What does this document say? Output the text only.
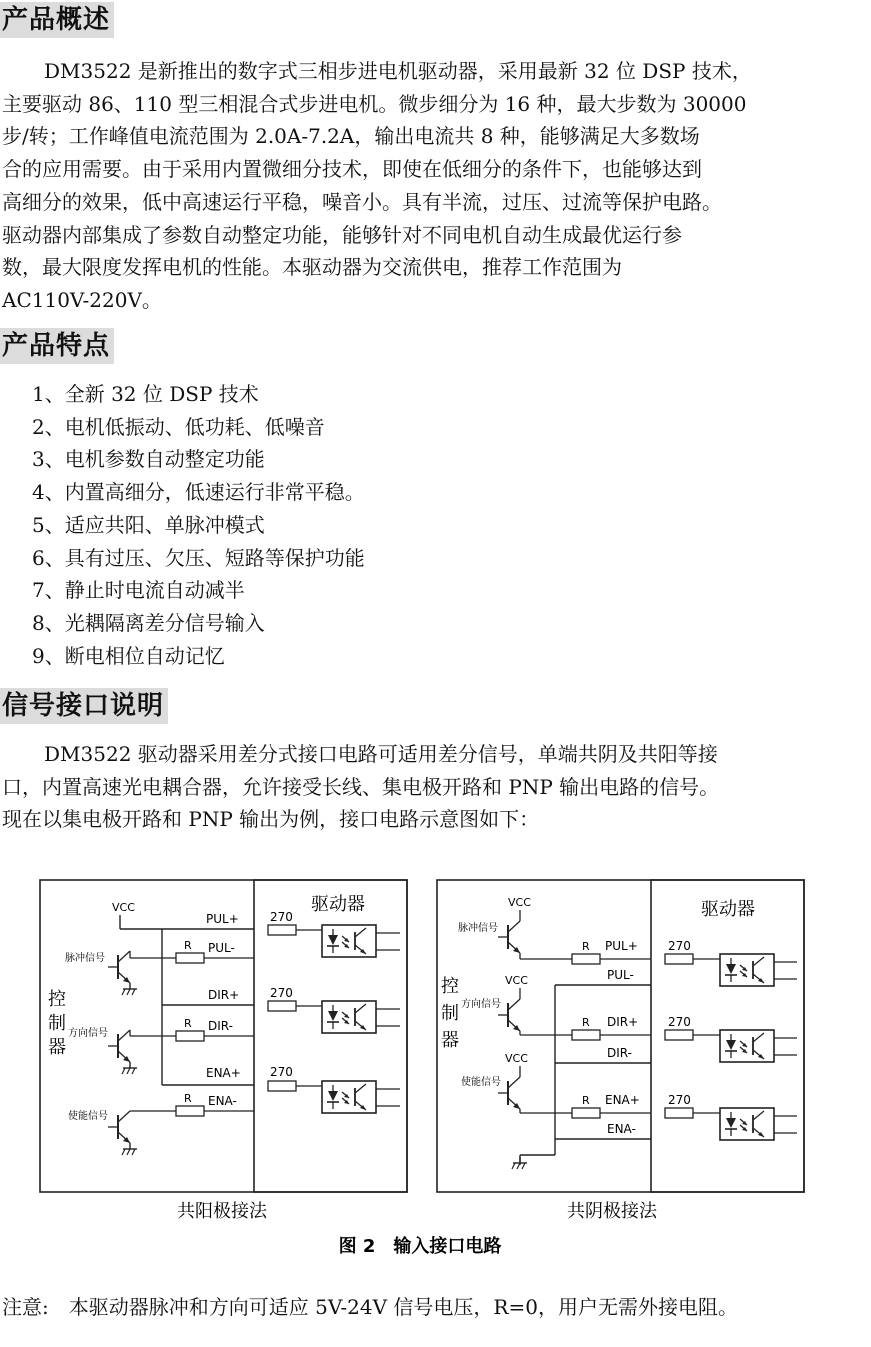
产品概述

DM3522 是新推出的数字式三相步进电机驱动器，采用最新 32 位 DSP 技术，

主要驱动 86、110 型三相混合式步进电机。微步细分为 16 种，最大步数为 30000

步/转；工作峰值电流范围为 2.0A-7.2A，输出电流共 8 种，能够满足大多数场

合的应用需要。由于采用内置微细分技术，即使在低细分的条件下，也能够达到

高细分的效果，低中高速运行平稳，噪音小。具有半流，过压、过流等保护电路。

驱动器内部集成了参数自动整定功能，能够针对不同电机自动生成最优运行参

数，最大限度发挥电机的性能。本驱动器为交流供电，推荐工作范围为

AC110V-220V。

产品特点
1、全新 32 位 DSP 技术
2、电机低振动、低功耗、低噪音
3、电机参数自动整定功能
4、内置高细分，低速运行非常平稳。
5、适应共阳、单脉冲模式
6、具有过压、欠压、短路等保护功能
7、静止时电流自动减半
8、光耦隔离差分信号输入
9、断电相位自动记忆
信号接口说明

DM3522 驱动器采用差分式接口电路可适用差分信号，单端共阴及共阳等接

口，内置高速光电耦合器，允许接受长线、集电极开路和 PNP 输出电路的信号。

现在以集电极开路和 PNP 输出为例，接口电路示意图如下：

驱动器
控
制
器
VCC
脉冲信号
方向信号
使能信号
R
R
R
PUL+
PUL-
DIR+
DIR-
ENA+
ENA-
270
270
270
共阳极接法
驱动器
控
制
器
VCC
VCC
VCC
脉冲信号
方向信号
使能信号
R
R
R
PUL+
PUL-
DIR+
DIR-
ENA+
ENA-
270
270
270
共阴极接法
图 2　输入接口电路
注意:　本驱动器脉冲和方向可适应 5V-24V 信号电压，R=0，用户无需外接电阻。
